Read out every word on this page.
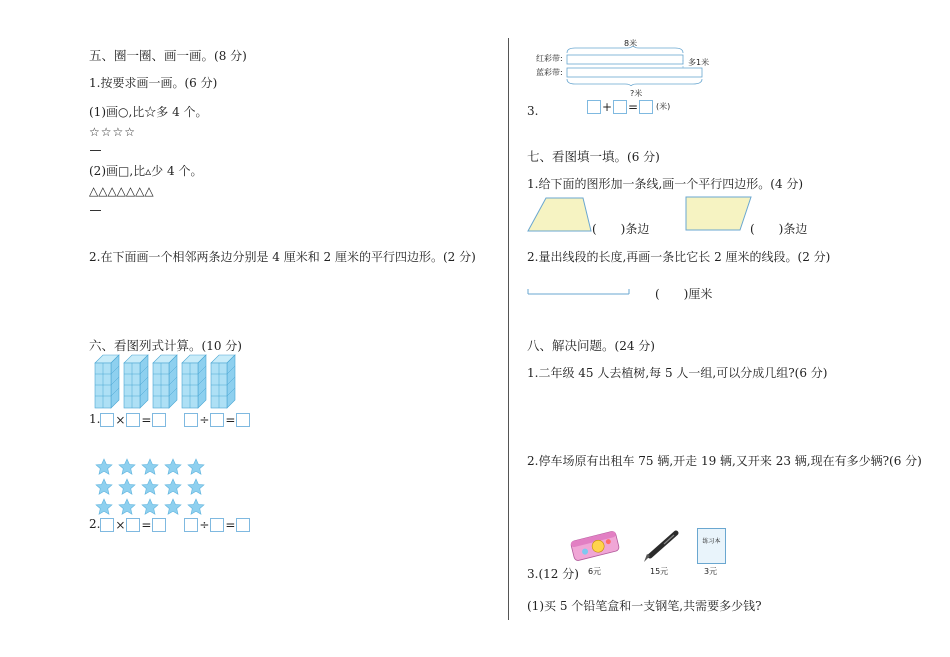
五、圈一圈、画一画。(8 分)
1.按要求画一画。(6 分)
(1)画○,比☆多 4 个。
☆☆☆☆
(2)画□,比▵少 4 个。
△△△△△△△
2.在下面画一个相邻两条边分别是 4 厘米和 2 厘米的平行四边形。(2 分)
六、看图列式计算。(10 分)
1. × =	÷ =
2. × =	÷ =
8米
红彩带:
蓝彩带:
多1米
?米
3.	+ = (米)
七、看图填一填。(6 分)
1.给下面的图形加一条线,画一个平行四边形。(4 分)
(　　)条边	(　　)条边
2.量出线段的长度,再画一条比它长 2 厘米的线段。(2 分)
(　　)厘米
八、解决问题。(24 分)
1.二年级 45 人去植树,每 5 人一组,可以分成几组?(6 分)
2.停车场原有出租车 75 辆,开走 19 辆,又开来 23 辆,现在有多少辆?(6 分)
6元	15元
练习本
3元
3.(12 分)
(1)买 5 个铅笔盒和一支钢笔,共需要多少钱?
